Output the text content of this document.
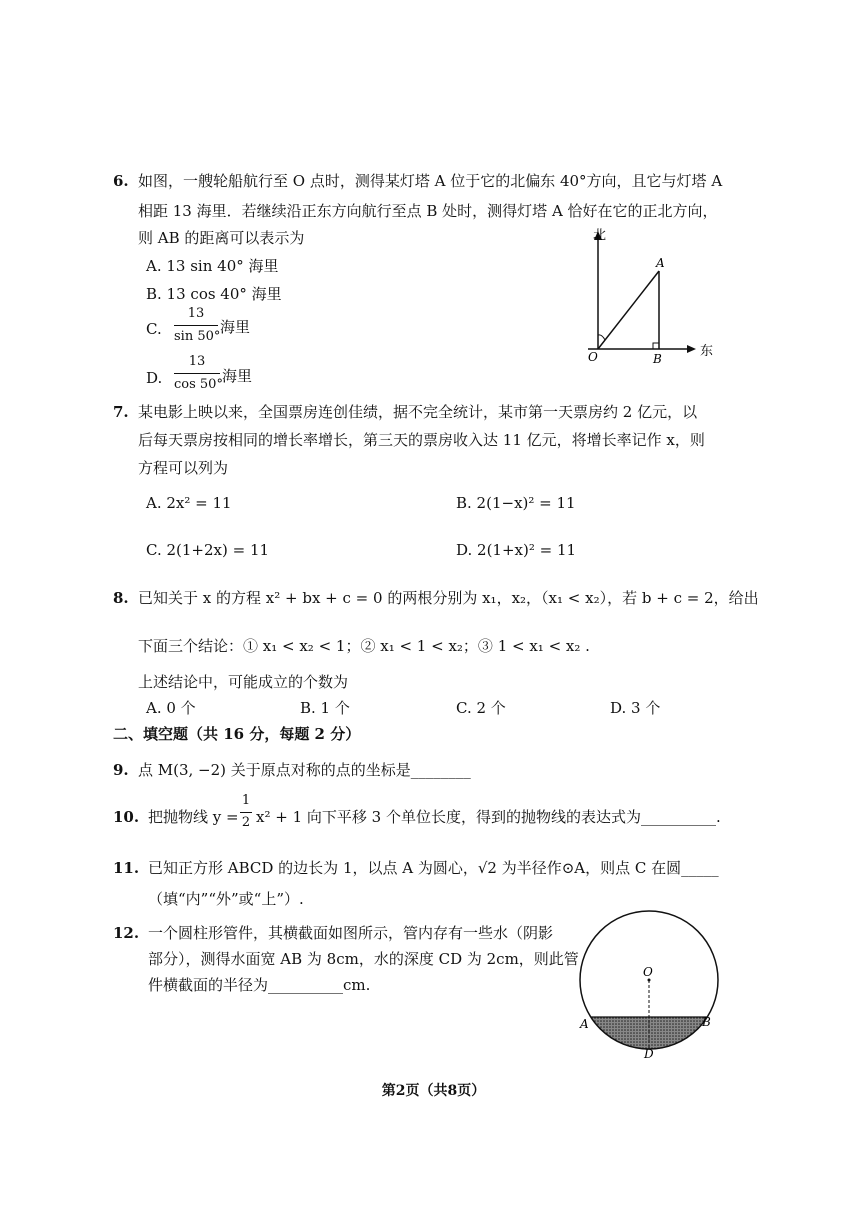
6. 如图，一艘轮船航行至 O 点时，测得某灯塔 A 位于它的北偏东 40°方向，且它与灯塔 A
相距 13 海里．若继续沿正东方向航行至点 B 处时，测得灯塔 A 恰好在它的正北方向，
则 AB 的距离可以表示为
A. 13 sin 40° 海里
B. 13 cos 40° 海里
C.
13
sin 50°
海里
D.
13
cos 50° 海里
北
东
O
A
B
7. 某电影上映以来，全国票房连创佳绩，据不完全统计，某市第一天票房约 2 亿元，以
后每天票房按相同的增长率增长，第三天的票房收入达 11 亿元，将增长率记作 x，则
方程可以列为
A. 2x² = 11	B. 2(1−x)² = 11
C. 2(1+2x) = 11	D. 2(1+x)² = 11
8. 已知关于 x 的方程 x² + bx + c = 0 的两根分别为 x₁，x₂，（x₁ < x₂），若 b + c = 2，给出
下面三个结论：① x₁ < x₂ < 1；② x₁ < 1 < x₂；③ 1 < x₁ < x₂ .
上述结论中，可能成立的个数为
A. 0 个	B. 1 个	C. 2 个	D. 3 个
二、填空题（共 16 分，每题 2 分）
9. 点 M(3, −2) 关于原点对称的点的坐标是________
10. 把抛物线 y =
1
2 x² + 1 向下平移 3 个单位长度，得到的抛物线的表达式为__________.
11. 已知正方形 ABCD 的边长为 1，以点 A 为圆心，√2 为半径作⊙A，则点 C 在圆_____
（填“内”“外”或“上”）.
12. 一个圆柱形管件，其横截面如图所示，管内存有一些水（阴影
部分），测得水面宽 AB 为 8cm，水的深度 CD 为 2cm，则此管
件横截面的半径为__________cm.
O
A	B
D
第2页（共8页）
